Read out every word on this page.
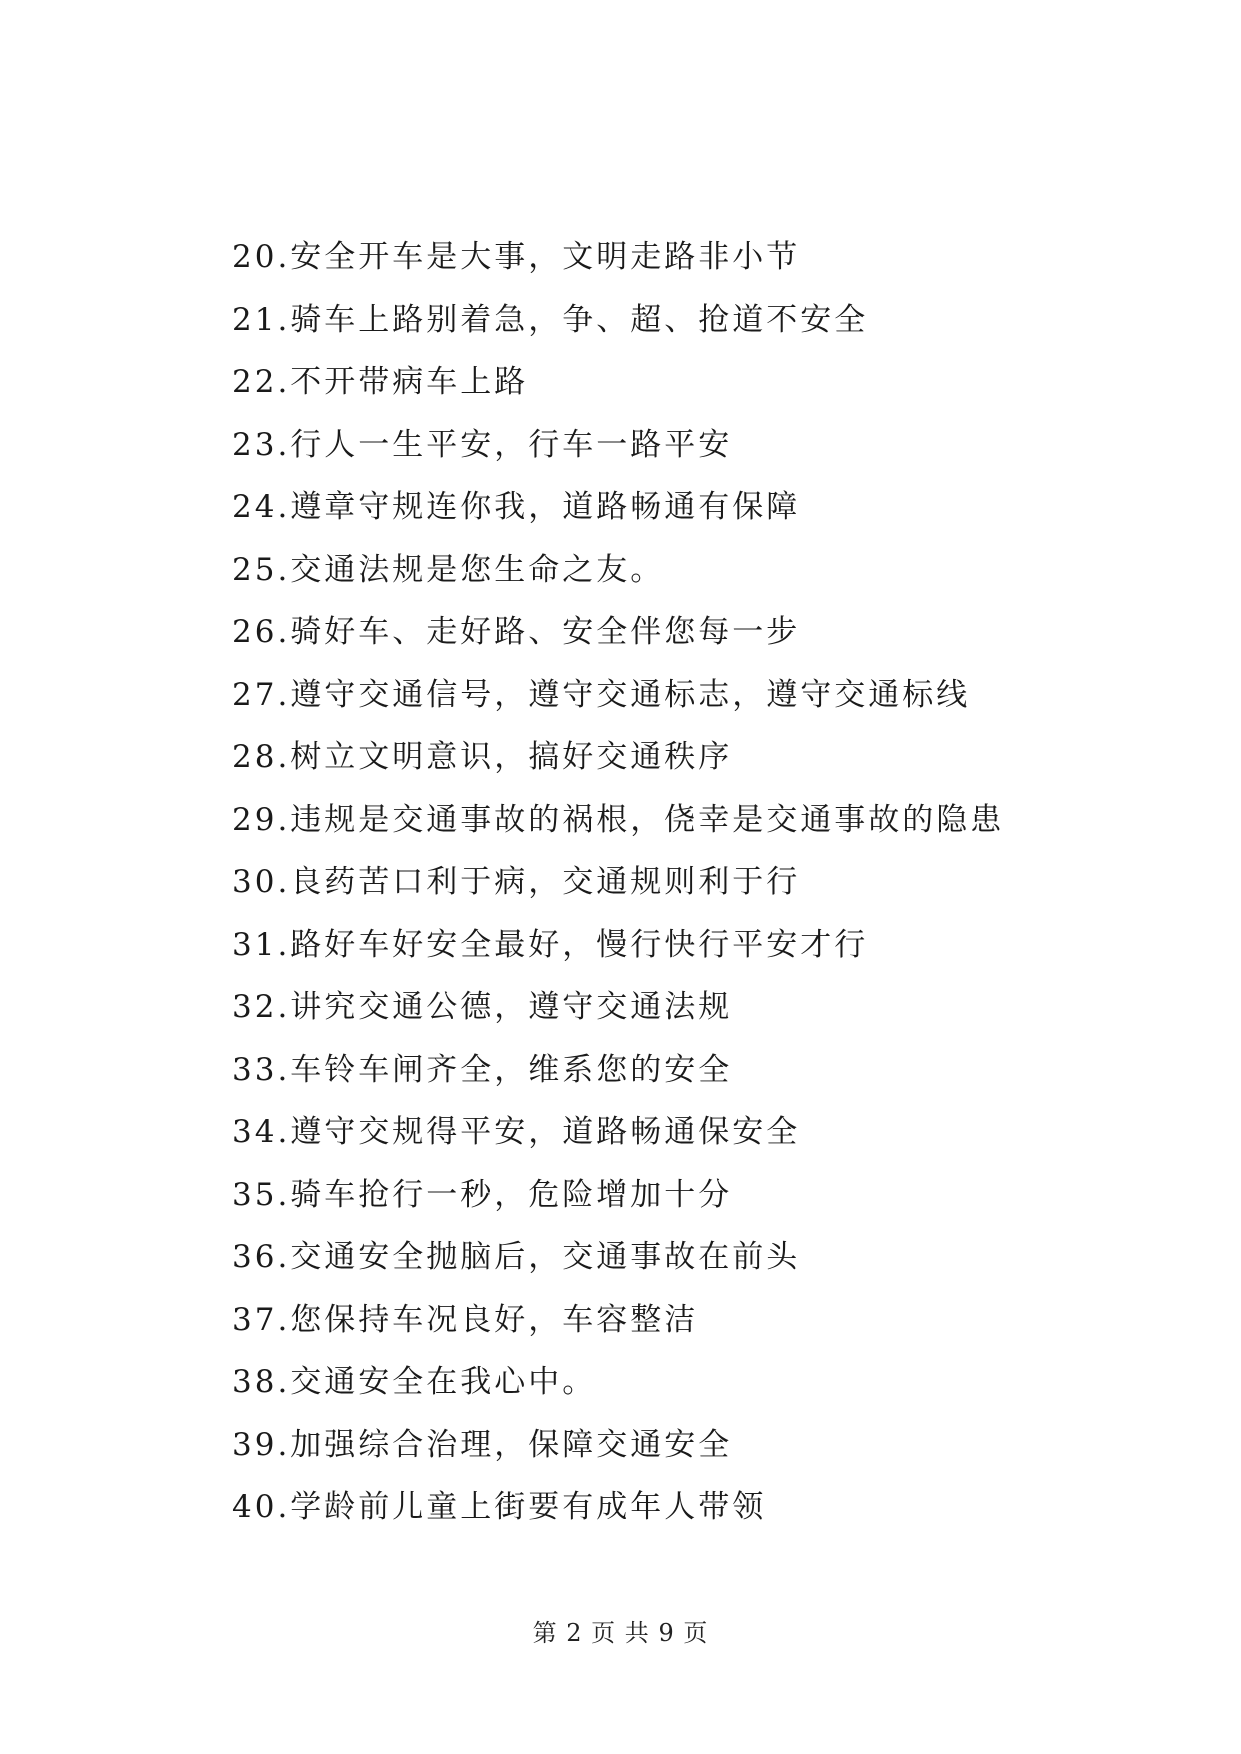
20.安全开车是大事，文明走路非小节
21.骑车上路别着急，争、超、抢道不安全
22.不开带病车上路
23.行人一生平安，行车一路平安
24.遵章守规连你我，道路畅通有保障
25.交通法规是您生命之友。
26.骑好车、走好路、安全伴您每一步
27.遵守交通信号，遵守交通标志，遵守交通标线
28.树立文明意识，搞好交通秩序
29.违规是交通事故的祸根，侥幸是交通事故的隐患
30.良药苦口利于病，交通规则利于行
31.路好车好安全最好，慢行快行平安才行
32.讲究交通公德，遵守交通法规
33.车铃车闸齐全，维系您的安全
34.遵守交规得平安，道路畅通保安全
35.骑车抢行一秒，危险增加十分
36.交通安全抛脑后，交通事故在前头
37.您保持车况良好，车容整洁
38.交通安全在我心中。
39.加强综合治理，保障交通安全
40.学龄前儿童上街要有成年人带领
第 2 页 共 9 页
